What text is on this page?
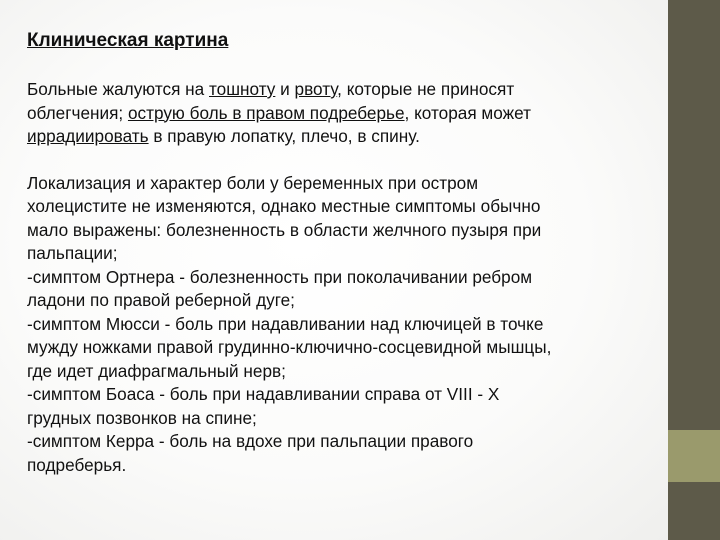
Клиническая картина

Больные жалуются на тошноту и рвоту, которые не приносят
облегчения; острую боль в правом подреберье, которая может
иррадиировать в правую лопатку, плечо, в спину.

Локализация и характер боли у беременных при остром
холецистите не изменяются, однако местные симптомы обычно
мало выражены: болезненность в области желчного пузыря при
пальпации;
-симптом Ортнера - болезненность при поколачивании ребром
ладони по правой реберной дуге;
-симптом Мюсси - боль при надавливании над ключицей в точке
мужду ножками правой грудинно-ключично-сосцевидной мышцы,
где идет диафрагмальный нерв;
-симптом Боаса - боль при надавливании справа от VIII - X
грудных позвонков на спине;
-симптом Керра - боль на вдохе при пальпации правого
подреберья.
